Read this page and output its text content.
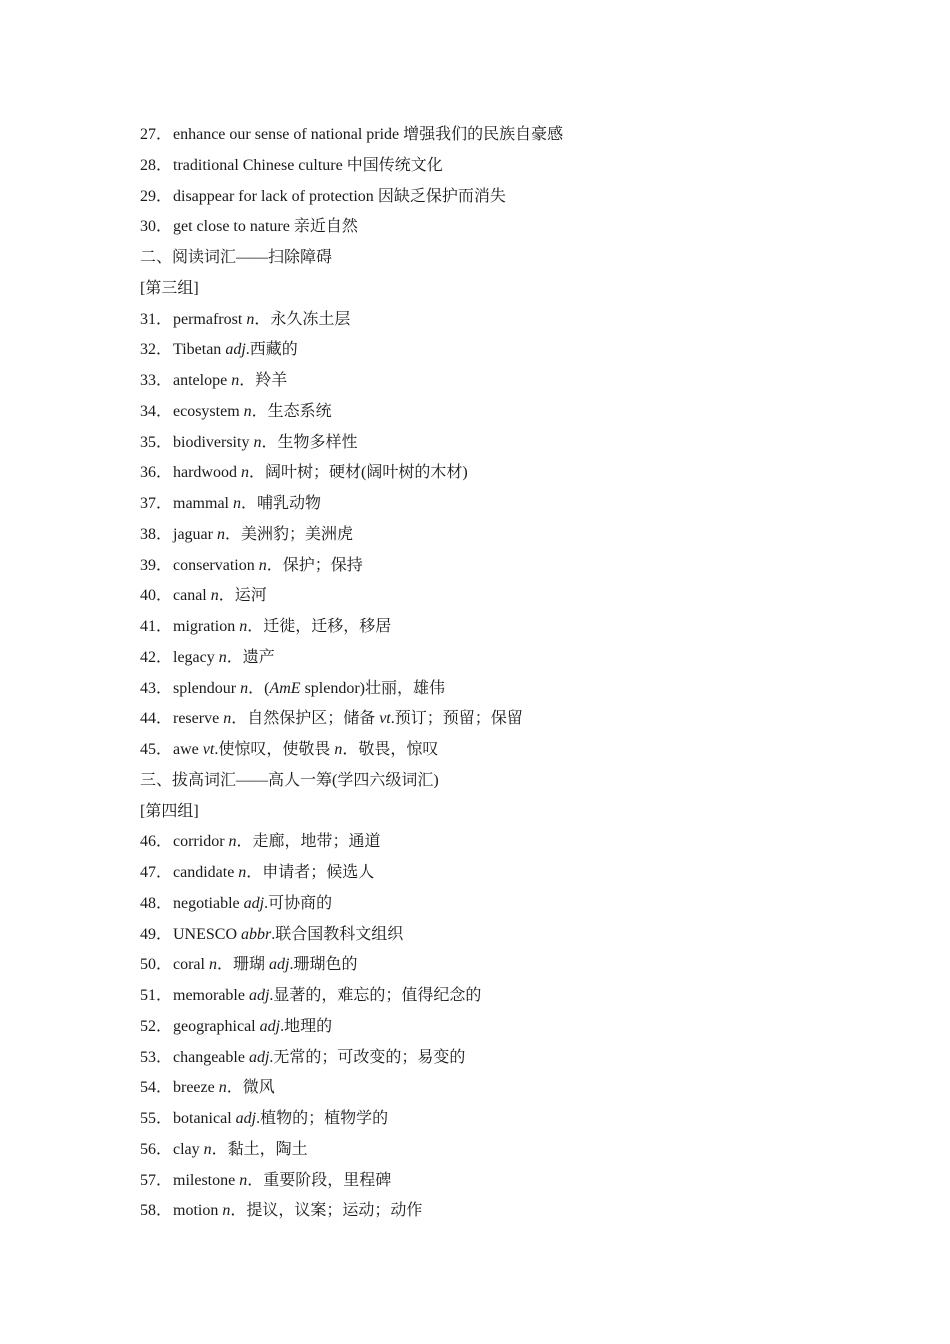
27．enhance our sense of national pride 增强我们的民族自豪感
28．traditional Chinese culture 中国传统文化
29．disappear for lack of protection 因缺乏保护而消失
30．get close to nature 亲近自然
二、阅读词汇——扫除障碍
[第三组]
31．permafrost n．永久冻土层
32．Tibetan adj.西藏的
33．antelope n．羚羊
34．ecosystem n．生态系统
35．biodiversity n．生物多样性
36．hardwood n．阔叶树；硬材(阔叶树的木材)
37．mammal n．哺乳动物
38．jaguar n．美洲豹；美洲虎
39．conservation n．保护；保持
40．canal n．运河
41．migration n．迁徙，迁移，移居
42．legacy n．遗产
43．splendour n．(AmE splendor)壮丽，雄伟
44．reserve n．自然保护区；储备 vt.预订；预留；保留
45．awe vt.使惊叹，使敬畏 n．敬畏，惊叹
三、拔高词汇——高人一筹(学四六级词汇)
[第四组]
46．corridor n．走廊，地带；通道
47．candidate n．申请者；候选人
48．negotiable adj.可协商的
49．UNESCO abbr.联合国教科文组织
50．coral n．珊瑚 adj.珊瑚色的
51．memorable adj.显著的，难忘的；值得纪念的
52．geographical adj.地理的
53．changeable adj.无常的；可改变的；易变的
54．breeze n．微风
55．botanical adj.植物的；植物学的
56．clay n．黏土，陶土
57．milestone n．重要阶段，里程碑
58．motion n．提议，议案；运动；动作
